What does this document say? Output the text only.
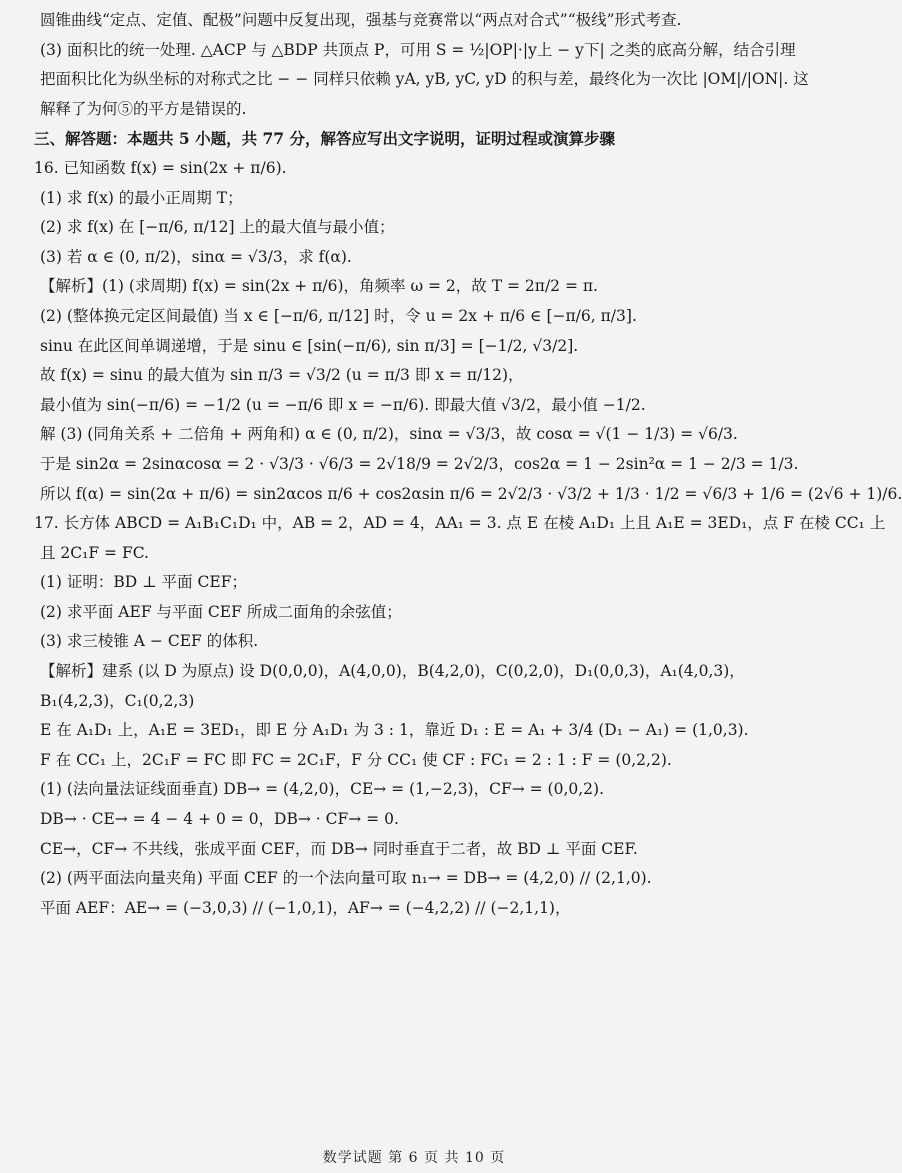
圆锥曲线“定点、定值、配极”问题中反复出现，强基与竞赛常以“两点对合式”“极线”形式考查.
(3) 面积比的统一处理. △ACP 与 △BDP 共顶点 P，可用 S = ½|OP|·|y上 − y下| 之类的底高分解，结合引理
把面积比化为纵坐标的对称式之比 − − 同样只依赖 yA, yB, yC, yD 的积与差，最终化为一次比 |OM|/|ON|. 这
解释了为何⑤的平方是错误的.
三、解答题：本题共 5 小题，共 77 分，解答应写出文字说明，证明过程或演算步骤
16. 已知函数 f(x) = sin(2x + π/6).
(1) 求 f(x) 的最小正周期 T；
(2) 求 f(x) 在 [−π/6, π/12] 上的最大值与最小值；
(3) 若 α ∈ (0, π/2)，sinα = √3/3，求 f(α).
【解析】(1) (求周期) f(x) = sin(2x + π/6)，角频率 ω = 2，故 T = 2π/2 = π.
(2) (整体换元定区间最值) 当 x ∈ [−π/6, π/12] 时，令 u = 2x + π/6 ∈ [−π/6, π/3].
sinu 在此区间单调递增，于是 sinu ∈ [sin(−π/6), sin π/3] = [−1/2, √3/2].
故 f(x) = sinu 的最大值为 sin π/3 = √3/2 (u = π/3 即 x = π/12)，
最小值为 sin(−π/6) = −1/2 (u = −π/6 即 x = −π/6). 即最大值 √3/2，最小值 −1/2.
解 (3) (同角关系 + 二倍角 + 两角和) α ∈ (0, π/2)，sinα = √3/3，故 cosα = √(1 − 1/3) = √6/3.
于是 sin2α = 2sinαcosα = 2 · √3/3 · √6/3 = 2√18/9 = 2√2/3，cos2α = 1 − 2sin²α = 1 − 2/3 = 1/3.
所以 f(α) = sin(2α + π/6) = sin2αcos π/6 + cos2αsin π/6 = 2√2/3 · √3/2 + 1/3 · 1/2 = √6/3 + 1/6 = (2√6 + 1)/6.
17. 长方体 ABCD = A₁B₁C₁D₁ 中，AB = 2，AD = 4，AA₁ = 3. 点 E 在棱 A₁D₁ 上且 A₁E = 3ED₁，点 F 在棱 CC₁ 上
且 2C₁F = FC.
(1) 证明：BD ⊥ 平面 CEF；
(2) 求平面 AEF 与平面 CEF 所成二面角的余弦值；
(3) 求三棱锥 A − CEF 的体积.
【解析】建系 (以 D 为原点) 设 D(0,0,0)，A(4,0,0)，B(4,2,0)，C(0,2,0)，D₁(0,0,3)，A₁(4,0,3)，
B₁(4,2,3)，C₁(0,2,3)
E 在 A₁D₁ 上，A₁E = 3ED₁，即 E 分 A₁D₁ 为 3 : 1，靠近 D₁ : E = A₁ + 3/4 (D₁ − A₁) = (1,0,3).
F 在 CC₁ 上，2C₁F = FC 即 FC = 2C₁F，F 分 CC₁ 使 CF : FC₁ = 2 : 1 : F = (0,2,2).
(1) (法向量法证线面垂直) DB→ = (4,2,0)，CE→ = (1,−2,3)，CF→ = (0,0,2).
DB→ · CE→ = 4 − 4 + 0 = 0，DB→ · CF→ = 0.
CE→，CF→ 不共线，张成平面 CEF，而 DB→ 同时垂直于二者，故 BD ⊥ 平面 CEF.
(2) (两平面法向量夹角) 平面 CEF 的一个法向量可取 n₁→ = DB→ = (4,2,0) // (2,1,0).
平面 AEF：AE→ = (−3,0,3) // (−1,0,1)，AF→ = (−4,2,2) // (−2,1,1)，
数学试题 第 6 页 共 10 页
